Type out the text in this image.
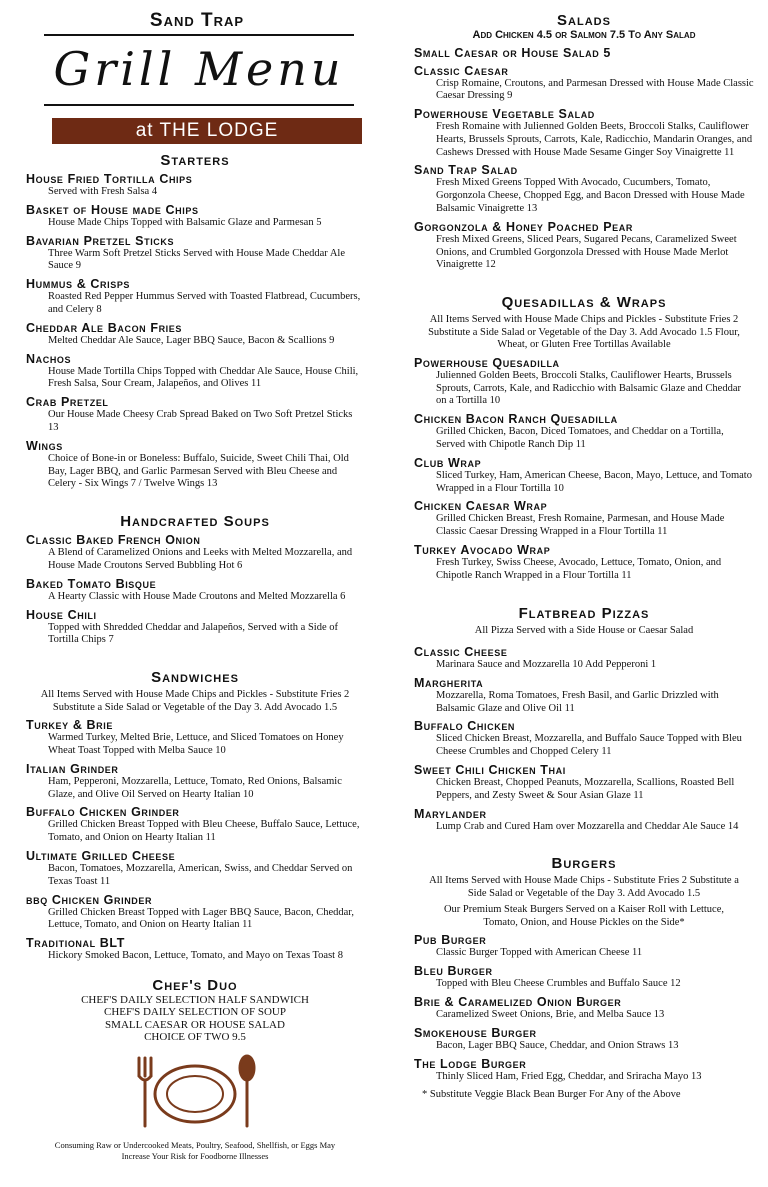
Sand Trap
Grill Menu
at THE LODGE
Starters
House Fried Tortilla Chips
Served with Fresh Salsa 4
Basket of House made Chips
House Made Chips Topped with Balsamic Glaze and Parmesan 5
Bavarian Pretzel Sticks
Three Warm Soft Pretzel Sticks Served with House Made Cheddar Ale Sauce 9
Hummus & Crisps
Roasted Red Pepper Hummus Served with Toasted Flatbread, Cucumbers, and Celery 8
Cheddar Ale Bacon Fries
Melted Cheddar Ale Sauce, Lager BBQ Sauce, Bacon & Scallions 9
Nachos
House Made Tortilla Chips Topped with Cheddar Ale Sauce, House Chili, Fresh Salsa, Sour Cream, Jalapeños, and Olives 11
Crab Pretzel
Our House Made Cheesy Crab Spread Baked on Two Soft Pretzel Sticks 13
Wings
Choice of Bone-in or Boneless: Buffalo, Suicide, Sweet Chili Thai, Old Bay, Lager BBQ, and Garlic Parmesan Served with Bleu Cheese and Celery - Six Wings 7 / Twelve Wings 13
Handcrafted Soups
Classic Baked French Onion
A Blend of Caramelized Onions and Leeks with Melted Mozzarella, and House Made Croutons Served Bubbling Hot 6
Baked Tomato Bisque
A Hearty Classic with House Made Croutons and Melted Mozzarella 6
House Chili
Topped with Shredded Cheddar and Jalapeños, Served with a Side of Tortilla Chips 7
Sandwiches
All Items Served with House Made Chips and Pickles - Substitute Fries 2 Substitute a Side Salad or Vegetable of the Day 3. Add Avocado 1.5
Turkey & Brie
Warmed Turkey, Melted Brie, Lettuce, and Sliced Tomatoes on Honey Wheat Toast Topped with Melba Sauce 10
Italian Grinder
Ham, Pepperoni, Mozzarella, Lettuce, Tomato, Red Onions, Balsamic Glaze, and Olive Oil Served on Hearty Italian 10
Buffalo Chicken Grinder
Grilled Chicken Breast Topped with Bleu Cheese, Buffalo Sauce, Lettuce, Tomato, and Onion on Hearty Italian 11
Ultimate Grilled Cheese
Bacon, Tomatoes, Mozzarella, American, Swiss, and Cheddar Served on Texas Toast 11
bbq Chicken Grinder
Grilled Chicken Breast Topped with Lager BBQ Sauce, Bacon, Cheddar, Lettuce, Tomato, and Onion on Hearty Italian 11
Traditional BLT
Hickory Smoked Bacon, Lettuce, Tomato, and Mayo on Texas Toast 8
Chef's Duo
CHEF'S DAILY SELECTION HALF SANDWICH
CHEF'S DAILY SELECTION OF SOUP
SMALL CAESAR OR HOUSE SALAD
CHOICE OF TWO 9.5
Consuming Raw or Undercooked Meats, Poultry, Seafood, Shellfish, or Eggs May
Increase Your Risk for Foodborne Illnesses
Salads
Add Chicken 4.5 or Salmon 7.5 To Any Salad
Small Caesar or House Salad 5
Classic Caesar
Crisp Romaine, Croutons, and Parmesan Dressed with House Made Classic Caesar Dressing 9
Powerhouse Vegetable Salad
Fresh Romaine with Julienned Golden Beets, Broccoli Stalks, Cauliflower Hearts, Brussels Sprouts, Carrots, Kale, Radicchio, Mandarin Oranges, and Cashews Dressed with House Made Sesame Ginger Soy Vinaigrette 11
Sand Trap Salad
Fresh Mixed Greens Topped With Avocado, Cucumbers, Tomato, Gorgonzola Cheese, Chopped Egg, and Bacon Dressed with House Made Balsamic Vinaigrette 13
Gorgonzola & Honey Poached Pear
Fresh Mixed Greens, Sliced Pears, Sugared Pecans, Caramelized Sweet Onions, and Crumbled Gorgonzola Dressed with House Made Merlot Vinaigrette 12
Quesadillas & Wraps
All Items Served with House Made Chips and Pickles - Substitute Fries 2 Substitute a Side Salad or Vegetable of the Day 3. Add Avocado 1.5 Flour, Wheat, or Gluten Free Tortillas Available
Powerhouse Quesadilla
Julienned Golden Beets, Broccoli Stalks, Cauliflower Hearts, Brussels Sprouts, Carrots, Kale, and Radicchio with Balsamic Glaze and Cheddar on a Tortilla 10
Chicken Bacon Ranch Quesadilla
Grilled Chicken, Bacon, Diced Tomatoes, and Cheddar on a Tortilla, Served with Chipotle Ranch Dip 11
Club Wrap
Sliced Turkey, Ham, American Cheese, Bacon, Mayo, Lettuce, and Tomato Wrapped in a Flour Tortilla 10
Chicken Caesar Wrap
Grilled Chicken Breast, Fresh Romaine, Parmesan, and House Made Classic Caesar Dressing Wrapped in a Flour Tortilla 11
Turkey Avocado Wrap
Fresh Turkey, Swiss Cheese, Avocado, Lettuce, Tomato, Onion, and Chipotle Ranch Wrapped in a Flour Tortilla 11
Flatbread Pizzas
All Pizza Served with a Side House or Caesar Salad
Classic Cheese
Marinara Sauce and Mozzarella 10 Add Pepperoni 1
Margherita
Mozzarella, Roma Tomatoes, Fresh Basil, and Garlic Drizzled with Balsamic Glaze and Olive Oil 11
Buffalo Chicken
Sliced Chicken Breast, Mozzarella, and Buffalo Sauce Topped with Bleu Cheese Crumbles and Chopped Celery 11
Sweet Chili Chicken Thai
Chicken Breast, Chopped Peanuts, Mozzarella, Scallions, Roasted Bell Peppers, and Zesty Sweet & Sour Asian Glaze 11
Marylander
Lump Crab and Cured Ham over Mozzarella and Cheddar Ale Sauce 14
Burgers
All Items Served with House Made Chips - Substitute Fries 2 Substitute a Side Salad or Vegetable of the Day 3. Add Avocado 1.5
Our Premium Steak Burgers Served on a Kaiser Roll with Lettuce, Tomato, Onion, and House Pickles on the Side*
Pub Burger
Classic Burger Topped with American Cheese 11
Bleu Burger
Topped with Bleu Cheese Crumbles and Buffalo Sauce 12
Brie & Caramelized Onion Burger
Caramelized Sweet Onions, Brie, and Melba Sauce 13
Smokehouse Burger
Bacon, Lager BBQ Sauce, Cheddar, and Onion Straws 13
The Lodge Burger
Thinly Sliced Ham, Fried Egg, Cheddar, and Sriracha Mayo 13
* Substitute Veggie Black Bean Burger For Any of the Above
